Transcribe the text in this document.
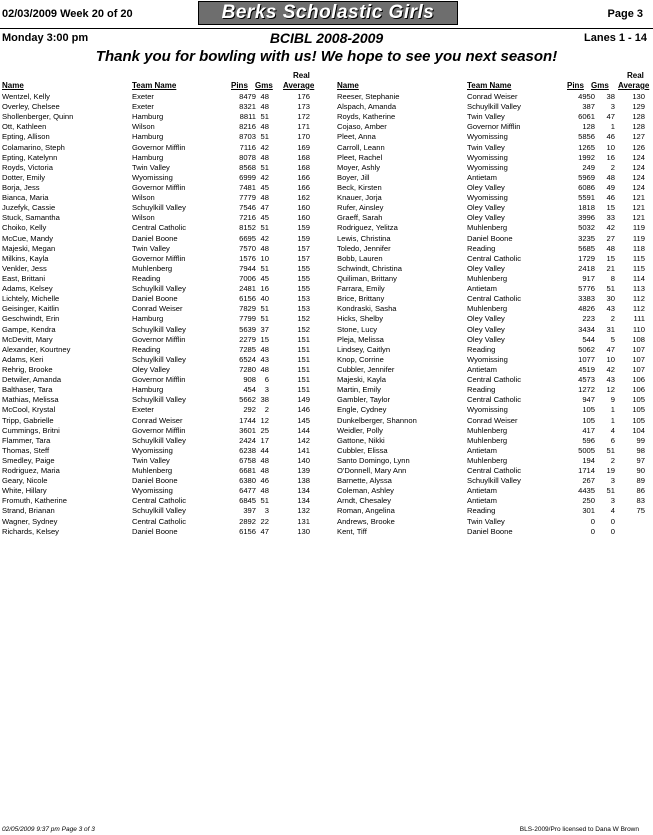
02/03/2009 Week 20 of 20	Berks Scholastic Girls	Page 3
Monday 3:00 pm	BCIBL 2008-2009	Lanes 1 - 14
Thank you for bowling with us! We hope to see you next season!
Name	Team Name	Pins Gms
Real
Average	Name	Team Name	Pins Gms
Real
Average
Wentzel, Kelly	Exeter	8479 48	176
Overley, Chelsee	Exeter	8321 48	173
Shollenberger, Quinn	Hamburg	8811 51	172
Ott, Kathleen	Wilson	8216 48	171
Epting, Allison	Hamburg	8703 51	170
Colamarino, Steph	Governor Mifflin	7116 42	169
Epting, Katelynn	Hamburg	8078 48	168
Royds, Victoria	Twin Valley	8568 51	168
Dotter, Emily	Wyomissing	6999 42	166
Borja, Jess	Governor Mifflin	7481 45	166
Bianca, Maria	Wilson	7779 48	162
Juzefyk, Cassie	Schuylkill Valley	7546 47	160
Stuck, Samantha	Wilson	7216 45	160
Choiko, Kelly	Central Catholic	8152 51	159
McCue, Mandy	Daniel Boone	6695 42	159
Majeski, Megan	Twin Valley	7570 48	157
Milkins, Kayla	Governor Mifflin	1576 10	157
Venkler, Jess	Muhlenberg	7944 51	155
East, Brittani	Reading	7006 45	155
Adams, Kelsey	Schuylkill Valley	2481 16	155
Lichtely, Michelle	Daniel Boone	6156 40	153
Geisinger, Kaitlin	Conrad Weiser	7829 51	153
Geschwindt, Erin	Hamburg	7799 51	152
Gampe, Kendra	Schuylkill Valley	5639 37	152
McDevitt, Mary	Governor Mifflin	2279 15	151
Alexander, Kourtney	Reading	7285 48	151
Adams, Keri	Schuylkill Valley	6524 43	151
Rehrig, Brooke	Oley Valley	7280 48	151
Detwiler, Amanda	Governor Mifflin	908 6	151
Balthaser, Tara	Hamburg	454 3	151
Mathias, Melissa	Schuylkill Valley	5662 38	149
McCool, Krystal	Exeter	292 2	146
Tripp, Gabrielle	Conrad Weiser	1744 12	145
Cummings, Britni	Governor Mifflin	3601 25	144
Flammer, Tara	Schuylkill Valley	2424 17	142
Thomas, Steff	Wyomissing	6238 44	141
Smedley, Paige	Twin Valley	6758 48	140
Rodriguez, Maria	Muhlenberg	6681 48	139
Geary, Nicole	Daniel Boone	6380 46	138
White, Hillary	Wyomissing	6477 48	134
Fromuth, Katherine	Central Catholic	6845 51	134
Strand, Brianan	Schuylkill Valley	397 3	132
Wagner, Sydney	Central Catholic	2892 22	131
Richards, Kelsey	Daniel Boone	6156 47	130
Reeser, Stephanie	Conrad Weiser	4950 38 130
Alspach, Amanda	Schuylkill Valley	387 3 129
Royds, Katherine	Twin Valley	6061 47 128
Cojaso, Amber	Governor Mifflin	128 1 128
Pleet, Anna	Wyomissing	5856 46 127
Carroll, Leann	Twin Valley	1265 10 126
Pleet, Rachel	Wyomissing	1992 16 124
Moyer, Ashly	Wyomissing	249 2 124
Boyer, Jill	Antietam	5969 48 124
Beck, Kirsten	Oley Valley	6086 49 124
Knauer, Jorja	Wyomissing	5591 46 121
Rufer, Ainsley	Oley Valley	1818 15 121
Graeff, Sarah	Oley Valley	3996 33 121
Rodriguez, Yelitza	Muhlenberg	5032 42 119
Lewis, Christina	Daniel Boone	3235 27 119
Toledo, Jennifer	Reading	5685 48 118
Bobb, Lauren	Central Catholic	1729 15 115
Schwindt, Christina	Oley Valley	2418 21 115
Quiliman, Brittany	Muhlenberg	917 8 114
Farrara, Emily	Antietam	5776 51 113
Brice, Brittany	Central Catholic	3383 30 112
Kondraski, Sasha	Muhlenberg	4826 43 112
Hicks, Shelby	Oley Valley	223 2 111
Stone, Lucy	Oley Valley	3434 31 110
Pleja, Melissa	Oley Valley	544 5 108
Lindsey, Caitlyn	Reading	5062 47 107
Knop, Corrine	Wyomissing	1077 10 107
Cubbler, Jennifer	Antietam	4519 42 107
Majeski, Kayla	Central Catholic	4573 43 106
Martin, Emily	Reading	1272 12 106
Gambler, Taylor	Central Catholic	947 9 105
Engle, Cydney	Wyomissing	105 1 105
Dunkelberger, Shannon	Conrad Weiser	105 1 105
Weidler, Polly	Muhlenberg	417 4 104
Gattone, Nikki	Muhlenberg	596 6	99
Cubbler, Elissa	Antietam	5005 51	98
Santo Domingo, Lynn	Muhlenberg	194 2	97
O'Donnell, Mary Ann	Central Catholic	1714 19	90
Barnette, Alyssa	Schuylkill Valley	267 3	89
Coleman, Ashley	Antietam	4435 51	86
Arndt, Chesaley	Antietam	250 3	83
Roman, Angelina	Reading	301 4	75
Andrews, Brooke	Twin Valley	0 0
Kent, Tiff	Daniel Boone	0 0
02/05/2009 9:37 pm Page 3 of 3	BLS-2009/Pro licensed to Dana W Brown
